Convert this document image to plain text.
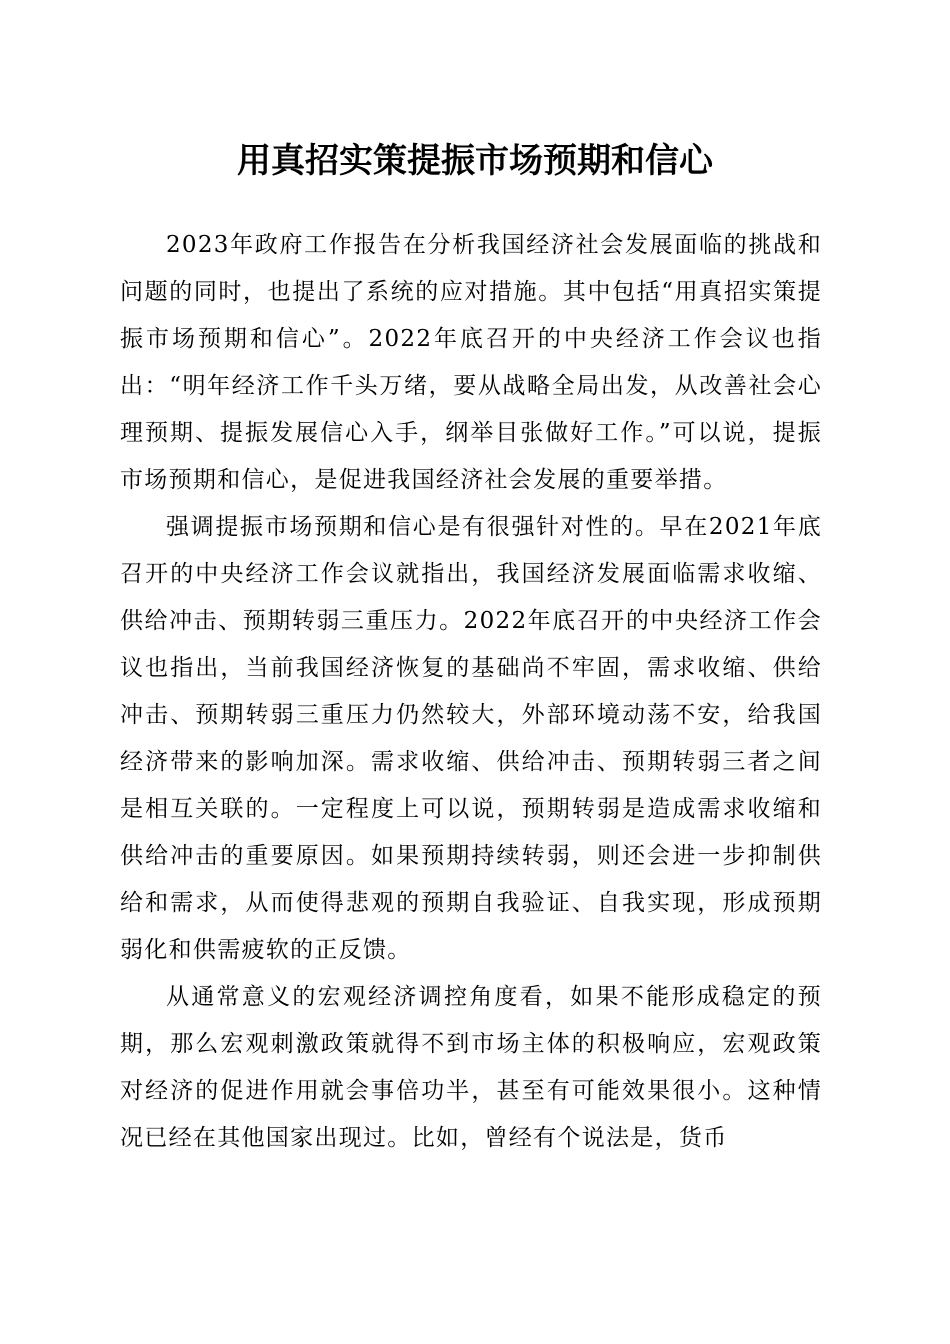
用真招实策提振市场预期和信心

2023年政府工作报告在分析我国经济社会发展面临的挑战和问题的同时，也提出了系统的应对措施。其中包括“用真招实策提振市场预期和信心”。2022年底召开的中央经济工作会议也指出：“明年经济工作千头万绪，要从战略全局出发，从改善社会心理预期、提振发展信心入手，纲举目张做好工作。”可以说，提振市场预期和信心，是促进我国经济社会发展的重要举措。

强调提振市场预期和信心是有很强针对性的。早在2021年底召开的中央经济工作会议就指出，我国经济发展面临需求收缩、供给冲击、预期转弱三重压力。2022年底召开的中央经济工作会议也指出，当前我国经济恢复的基础尚不牢固，需求收缩、供给冲击、预期转弱三重压力仍然较大，外部环境动荡不安，给我国经济带来的影响加深。需求收缩、供给冲击、预期转弱三者之间是相互关联的。一定程度上可以说，预期转弱是造成需求收缩和供给冲击的重要原因。如果预期持续转弱，则还会进一步抑制供给和需求，从而使得悲观的预期自我验证、自我实现，形成预期弱化和供需疲软的正反馈。

从通常意义的宏观经济调控角度看，如果不能形成稳定的预期，那么宏观刺激政策就得不到市场主体的积极响应，宏观政策对经济的促进作用就会事倍功半，甚至有可能效果很小。这种情况已经在其他国家出现过。比如，曾经有个说法是，货币
